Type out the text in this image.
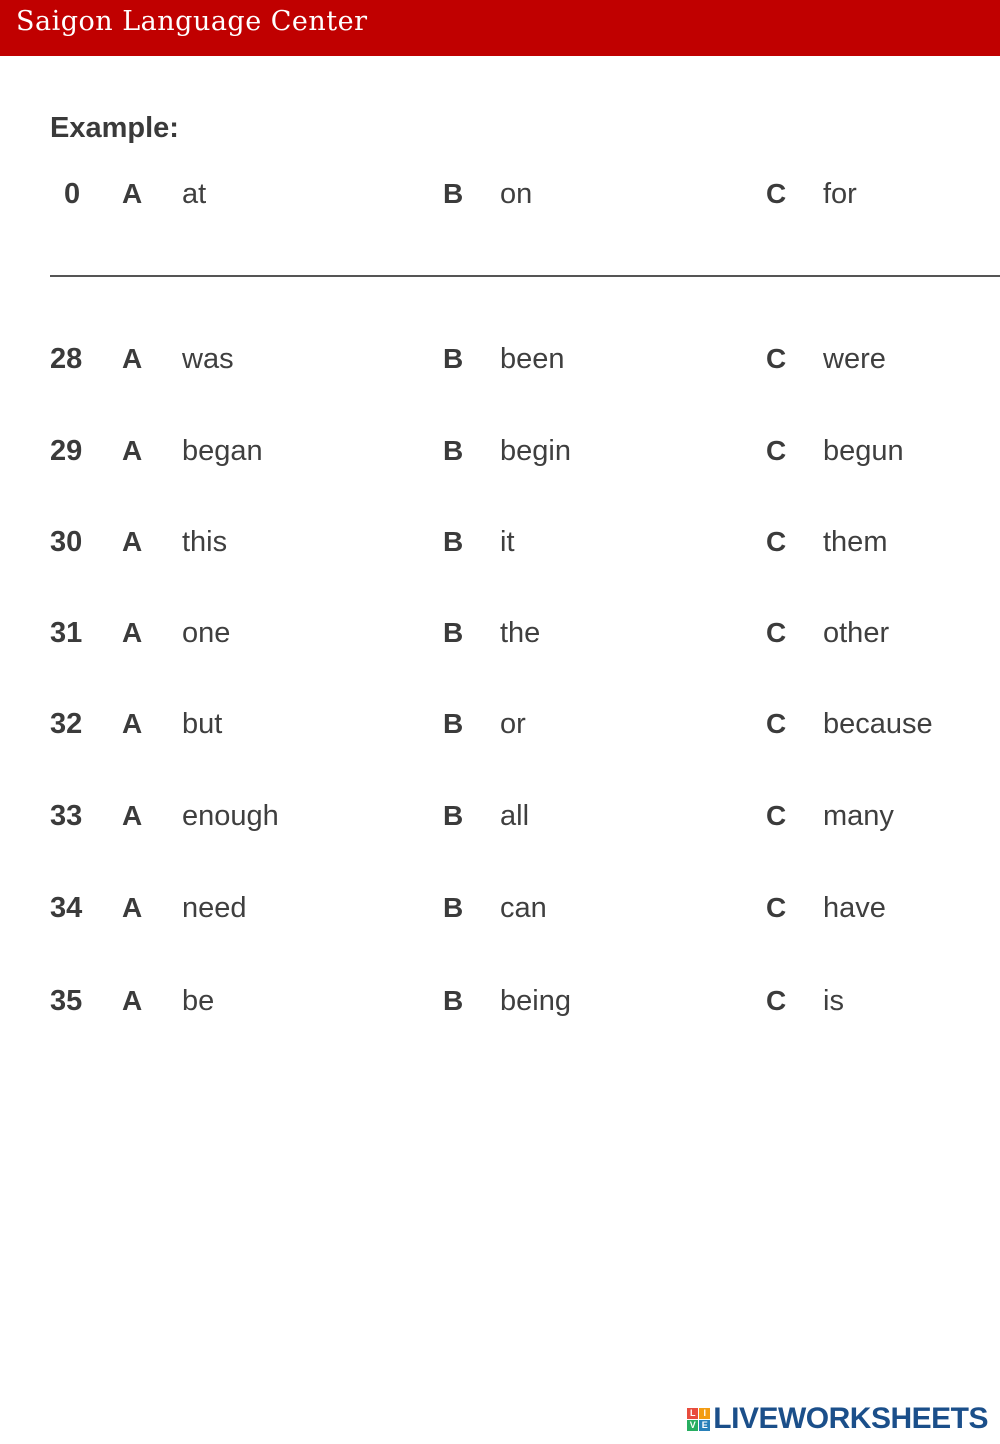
Saigon Language Center
Example:
0 A at	B on	C for
28 A was	B been	C were
29 A began	B begin	C begun
30 A this	B it	C them
31 A one	B the	C other
32 A but	B or	C because
33 A enough	B all	C many
34 A need	B can	C have
35 A be	B being	C is
L I
V E LIVEWORKSHEETS
